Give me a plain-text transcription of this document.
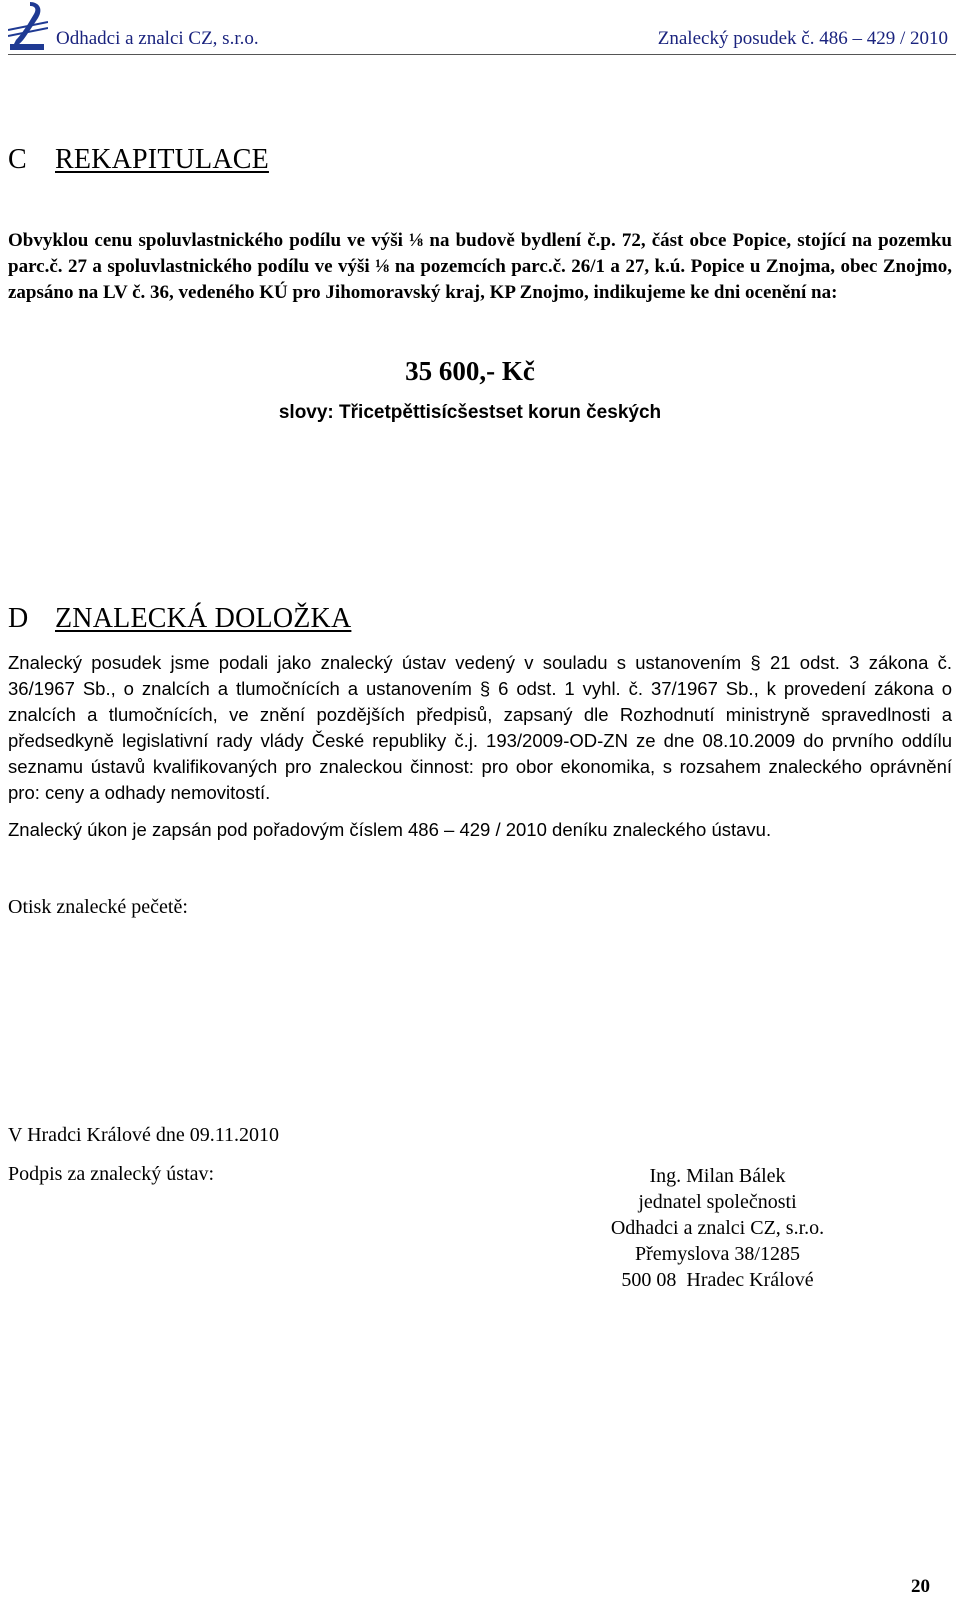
Odhadci a znalci CZ, s.r.o.	Znalecký posudek č. 486 – 429 / 2010
C REKAPITULACE

Obvyklou cenu spoluvlastnického podílu ve výši ⅛ na budově bydlení č.p. 72, část obce Popice, stojící na pozemku parc.č. 27 a spoluvlastnického podílu ve výši ⅛ na pozemcích parc.č. 26/1 a 27, k.ú. Popice u Znojma, obec Znojmo, zapsáno na LV č. 36, vedeného KÚ pro Jihomoravský kraj, KP Znojmo, indikujeme ke dni ocenění na:

35 600,- Kč
slovy: Třicetpěttisícšestset korun českých
D ZNALECKÁ DOLOŽKA

Znalecký posudek jsme podali jako znalecký ústav vedený v souladu s ustanovením § 21 odst. 3 zákona č. 36/1967 Sb., o znalcích a tlumočnících a ustanovením § 6 odst. 1 vyhl. č. 37/1967 Sb., k provedení zákona o znalcích a tlumočnících, ve znění pozdějších předpisů, zapsaný dle Rozhodnutí ministryně spravedlnosti a předsedkyně legislativní rady vlády České republiky č.j. 193/2009-OD-ZN ze dne 08.10.2009 do prvního oddílu seznamu ústavů kvalifikovaných pro znaleckou činnost: pro obor ekonomika, s rozsahem znaleckého oprávnění pro: ceny a odhady nemovitostí.

Znalecký úkon je zapsán pod pořadovým číslem 486 – 429 / 2010 deníku znaleckého ústavu.

Otisk znalecké pečetě:
V Hradci Králové dne 09.11.2010
Podpis za znalecký ústav:	Ing. Milan Bálek
jednatel společnosti
Odhadci a znalci CZ, s.r.o.
Přemyslova 38/1285
500 08  Hradec Králové
20
